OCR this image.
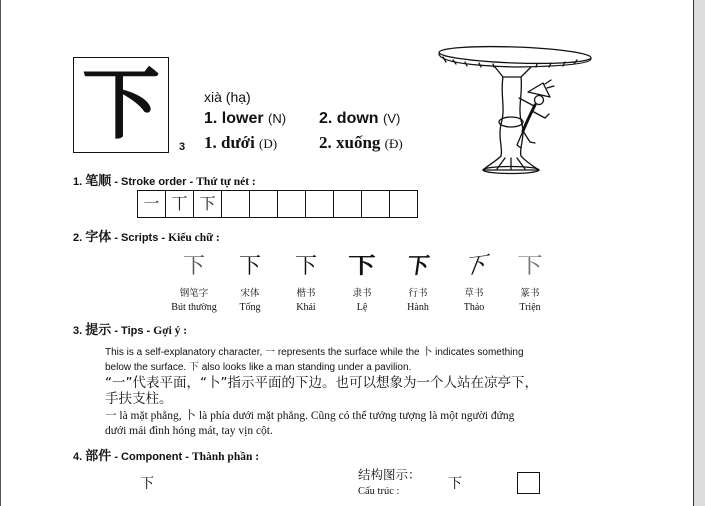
下	xià (hạ)
1. lower (N) 2. down (V)
3 1. dưới (D) 2. xuống (Đ)
1. 笔顺 - Stroke order - Thứ tự nét :
一 丅 下
2. 字体 - Scripts - Kiểu chữ :
下
钢笔字
Bút thường
下
宋体
Tống
下
楷书
Khải
下
隶书
Lệ
下
行书
Hành
下
草书
Thảo
下
篆书
Triện
3. 提示 - Tips - Gợi ý :
This is a self-explanatory character, 一 represents the surface while the 卜 indicates something
below the surface. 下 also looks like a man standing under a pavilion.
“一”代表平面，“卜”指示平面的下边。也可以想象为一个人站在凉亭下，
手扶支柱。
一 là mặt phẳng, 卜 là phía dưới mặt phẳng. Cũng có thể tưởng tượng là một người đứng
dưới mái đình hóng mát, tay vịn cột.
4. 部件 - Component - Thành phần :
下
结构图示：
Cấu trúc :	下
